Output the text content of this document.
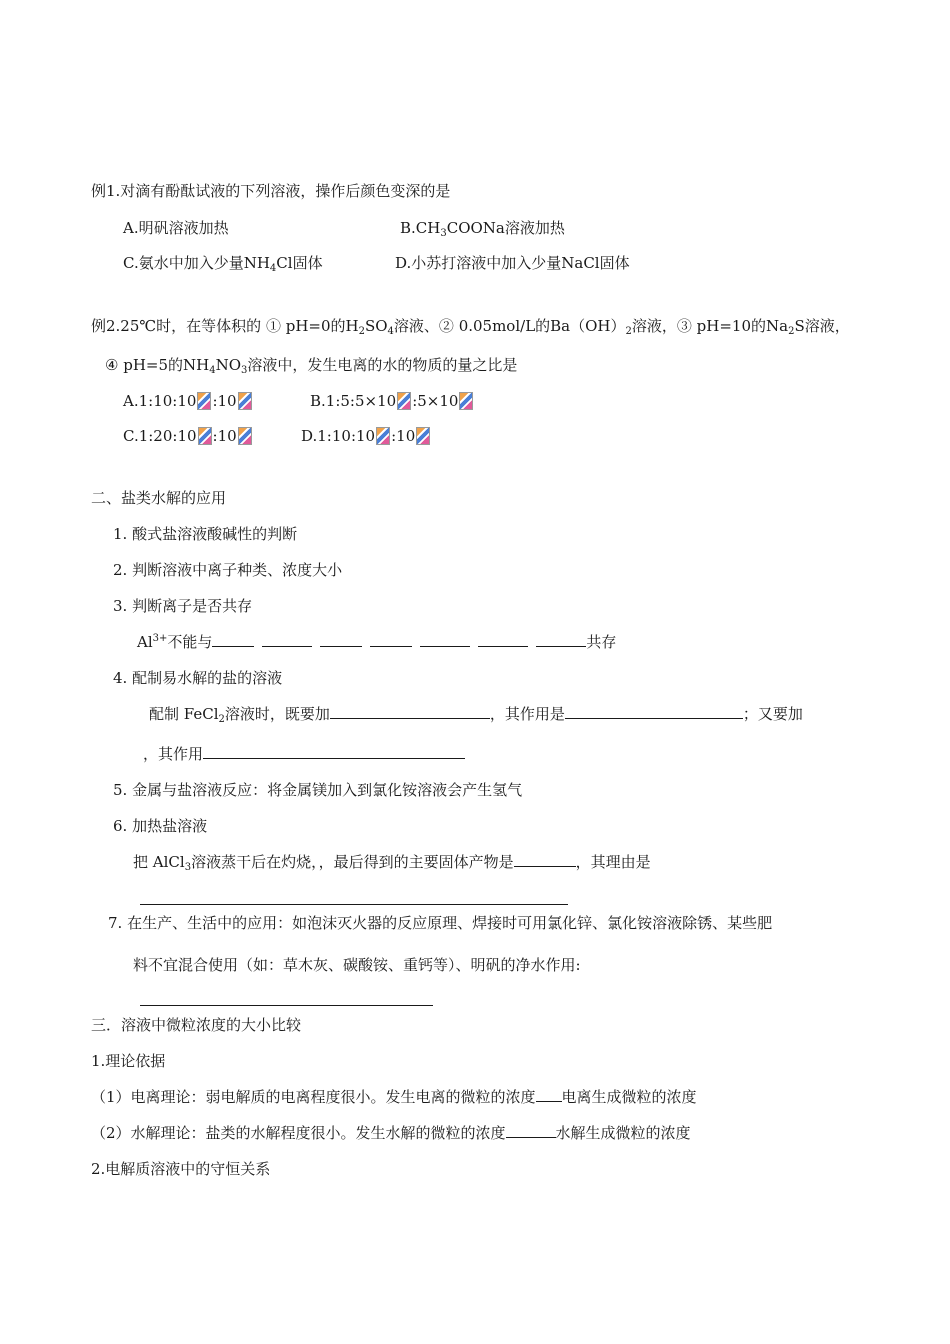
例1.对滴有酚酞试液的下列溶液，操作后颜色变深的是
A.明矾溶液加热	$B.CH_3COONa$溶液加热
C.氨水中加入少量$NH_4Cl$固体	D.小苏打溶液中加入少量NaCl固体
例2.25℃时，在等体积的 ① pH=0的$H_2SO_4$溶液、② 0.05mol/L的$Ba(OH)_2$溶液，③ pH=10的$Na_2S$溶液，
④ pH=5的$NH_4NO_3$溶液中，发生电离的水的物质的量之比是
A.1:10:10 :10	B.1:5:5×10 :5×10
C.1:20:10 :10	D.1:10:10 :10
二、盐类水解的应用
1. 酸式盐溶液酸碱性的判断
2. 判断溶液中离子种类、浓度大小
3. 判断离子是否共存
$Al^{3+}$不能与	共存
4. 配制易水解的盐的溶液
配制 FeCl$_2$溶液时，既要加	，其作用是	；又要加
，其作用
5. 金属与盐溶液反应：将金属镁加入到氯化铵溶液会产生氢气
6. 加热盐溶液
把 AlCl$_3$溶液蒸干后在灼烧，，最后得到的主要固体产物是	，其理由是
7. 在生产、生活中的应用：如泡沫灭火器的反应原理、焊接时可用氯化锌、氯化铵溶液除锈、某些肥
料不宜混合使用（如：草木灰、碳酸铵、重钙等）、明矾的净水作用:
三．溶液中微粒浓度的大小比较
1.理论依据
（1）电离理论：弱电解质的电离程度很小。发生电离的微粒的浓度 电离生成微粒的浓度
（2）水解理论：盐类的水解程度很小。发生水解的微粒的浓度	水解生成微粒的浓度
2.电解质溶液中的守恒关系
